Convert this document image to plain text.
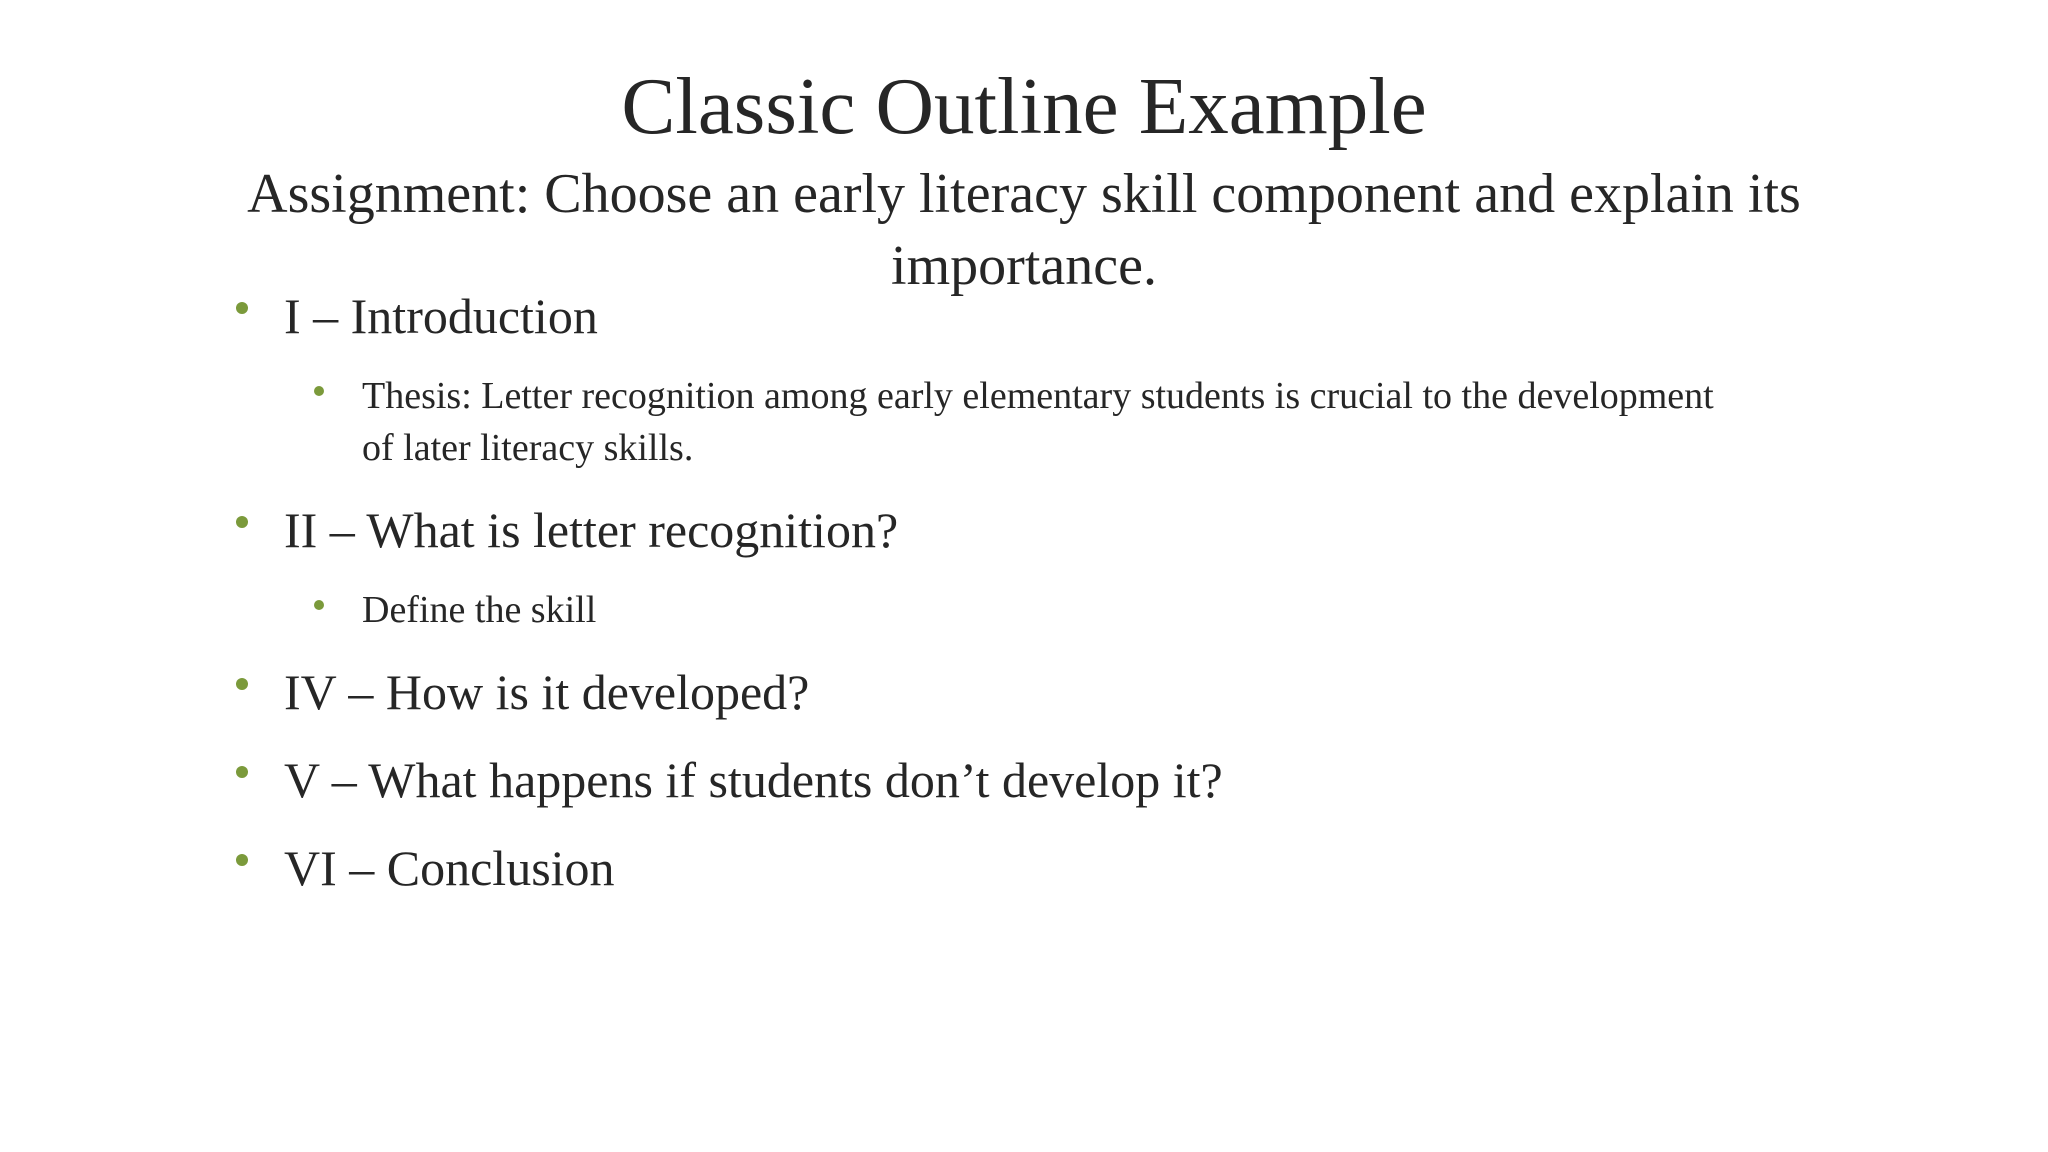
Classic Outline Example
Assignment: Choose an early literacy skill component and explain its importance.
I – Introduction
Thesis: Letter recognition among early elementary students is crucial to the development of later literacy skills.
II – What is letter recognition?
Define the skill
IV – How is it developed?
V – What happens if students don’t develop it?
VI – Conclusion
